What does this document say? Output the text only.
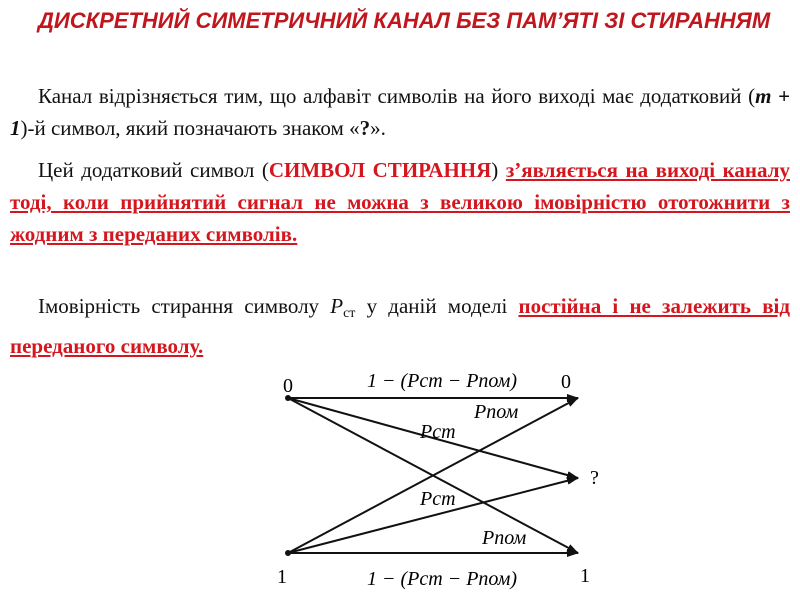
ДИСКРЕТНИЙ СИМЕТРИЧНИЙ КАНАЛ БЕЗ ПАМ’ЯТІ ЗІ СТИРАННЯМ

Канал відрізняється тим, що алфавіт символів на його виході має додатковий (m + 1)-й символ, який позначають знаком «?».

Цей додатковий символ (СИМВОЛ СТИРАННЯ) з’являється на виході каналу тоді, коли прийнятий сигнал не можна з великою імовірністю ототожнити з жодним з переданих символів.

Імовірність стирання символу $P_{ст}$ у даній моделі постійна і не залежить від переданого символу.

0
1
0
?
1
1 − (Pст − Pпом)
1 − (Pст − Pпом)
Pпом
Pпом
Pст
Pст
